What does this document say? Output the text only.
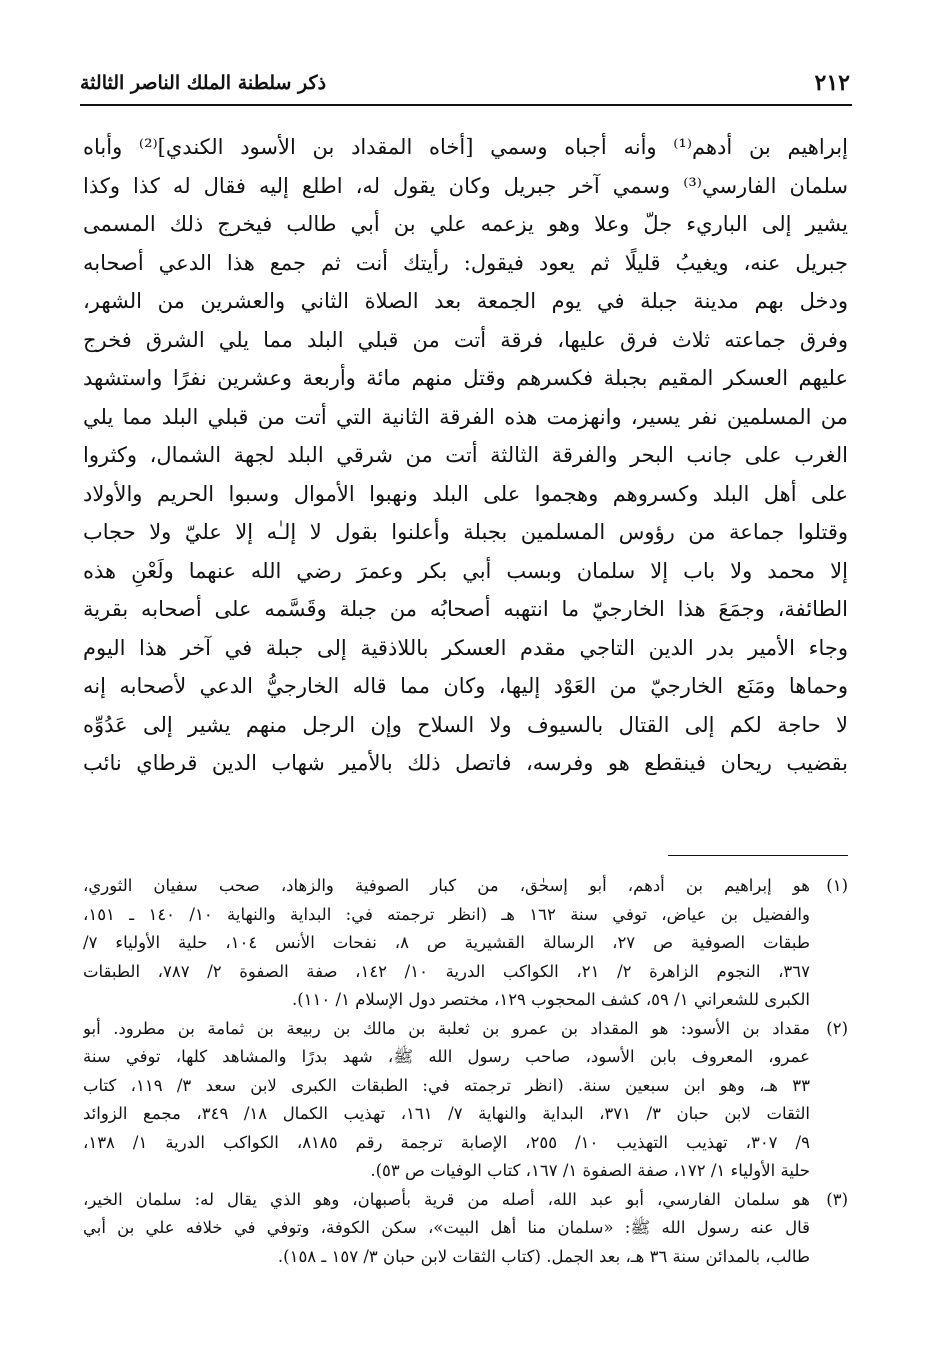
٢١٢
ذكر سلطنة الملك الناصر الثالثة
إبراهيم بن أدهم⁽¹⁾ وأنه أجباه وسمي [أخاه المقداد بن الأسود الكندي]⁽²⁾ وأباه
سلمان الفارسي⁽³⁾ وسمي آخر جبريل وكان يقول له، اطلع إليه فقال له كذا وكذا
يشير إلى الباريء جلّ وعلا وهو يزعمه علي بن أبي طالب فيخرج ذلك المسمى
جبريل عنه، ويغيبُ قليلًا ثم يعود فيقول: رأيتك أنت ثم جمع هذا الدعي أصحابه
ودخل بهم مدينة جبلة في يوم الجمعة بعد الصلاة الثاني والعشرين من الشهر،
وفرق جماعته ثلاث فرق عليها، فرقة أتت من قبلي البلد مما يلي الشرق فخرج
عليهم العسكر المقيم بجبلة فكسرهم وقتل منهم مائة وأربعة وعشرين نفرًا واستشهد
من المسلمين نفر يسير، وانهزمت هذه الفرقة الثانية التي أتت من قبلي البلد مما يلي
الغرب على جانب البحر والفرقة الثالثة أتت من شرقي البلد لجهة الشمال، وكثروا
على أهل البلد وكسروهم وهجموا على البلد ونهبوا الأموال وسبوا الحريم والأولاد
وقتلوا جماعة من رؤوس المسلمين بجبلة وأعلنوا بقول لا إلـٰه إلا عليّ ولا حجاب
إلا محمد ولا باب إلا سلمان وبسب أبي بكر وعمرَ رضي الله عنهما ولَعْنِ هذه
الطائفة، وجمَعَ هذا الخارجيّ ما انتهبه أصحابُه من جبلة وقَسَّمه على أصحابه بقرية
وجاء الأمير بدر الدين التاجي مقدم العسكر باللاذقية إلى جبلة في آخر هذا اليوم
وحماها ومَنَع الخارجيّ من العَوْد إليها، وكان مما قاله الخارجيُّ الدعي لأصحابه إنه
لا حاجة لكم إلى القتال بالسيوف ولا السلاح وإن الرجل منهم يشير إلى عَدُوِّه
بقضيب ريحان فينقطع هو وفرسه، فاتصل ذلك بالأمير شهاب الدين قرطاي نائب
(١)
هو إبراهيم بن أدهم، أبو إسحٰق، من كبار الصوفية والزهاد، صحب سفيان الثوري،
والفضيل بن عياض، توفي سنة ١٦٢ هـ (انظر ترجمته في: البداية والنهاية ١٠/ ١٤٠ ـ ١٥١،
طبقات الصوفية ص ٢٧، الرسالة القشيرية ص ٨، نفحات الأنس ١٠٤، حلية الأولياء ٧/
٣٦٧، النجوم الزاهرة ٢/ ٢١، الكواكب الدرية ١٠/ ١٤٢، صفة الصفوة ٢/ ٧٨٧، الطبقات
الكبرى للشعراني ١/ ٥٩، كشف المحجوب ١٢٩، مختصر دول الإسلام ١/ ١١٠).
(٢)
مقداد بن الأسود: هو المقداد بن عمرو بن ثعلبة بن مالك بن ربيعة بن ثمامة بن مطرود. أبو
عمرو، المعروف بابن الأسود، صاحب رسول الله ﷺ، شهد بدرًا والمشاهد كلها، توفي سنة
٣٣ هـ، وهو ابن سبعين سنة. (انظر ترجمته في: الطبقات الكبرى لابن سعد ٣/ ١١٩، كتاب
الثقات لابن حبان ٣/ ٣٧١، البداية والنهاية ٧/ ١٦١، تهذيب الكمال ١٨/ ٣٤٩، مجمع الزوائد
٩/ ٣٠٧، تهذيب التهذيب ١٠/ ٢٥٥، الإصابة ترجمة رقم ٨١٨٥، الكواكب الدرية ١/ ١٣٨،
حلية الأولياء ١/ ١٧٢، صفة الصفوة ١/ ١٦٧، كتاب الوفيات ص ٥٣).
(٣)
هو سلمان الفارسي، أبو عبد الله، أصله من قرية بأصبهان، وهو الذي يقال له: سلمان الخير،
قال عنه رسول الله ﷺ: «سلمان منا أهل البيت»، سكن الكوفة، وتوفي في خلافه علي بن أبي
طالب، بالمدائن سنة ٣٦ هـ، بعد الجمل. (كتاب الثقات لابن حبان ٣/ ١٥٧ ـ ١٥٨).
